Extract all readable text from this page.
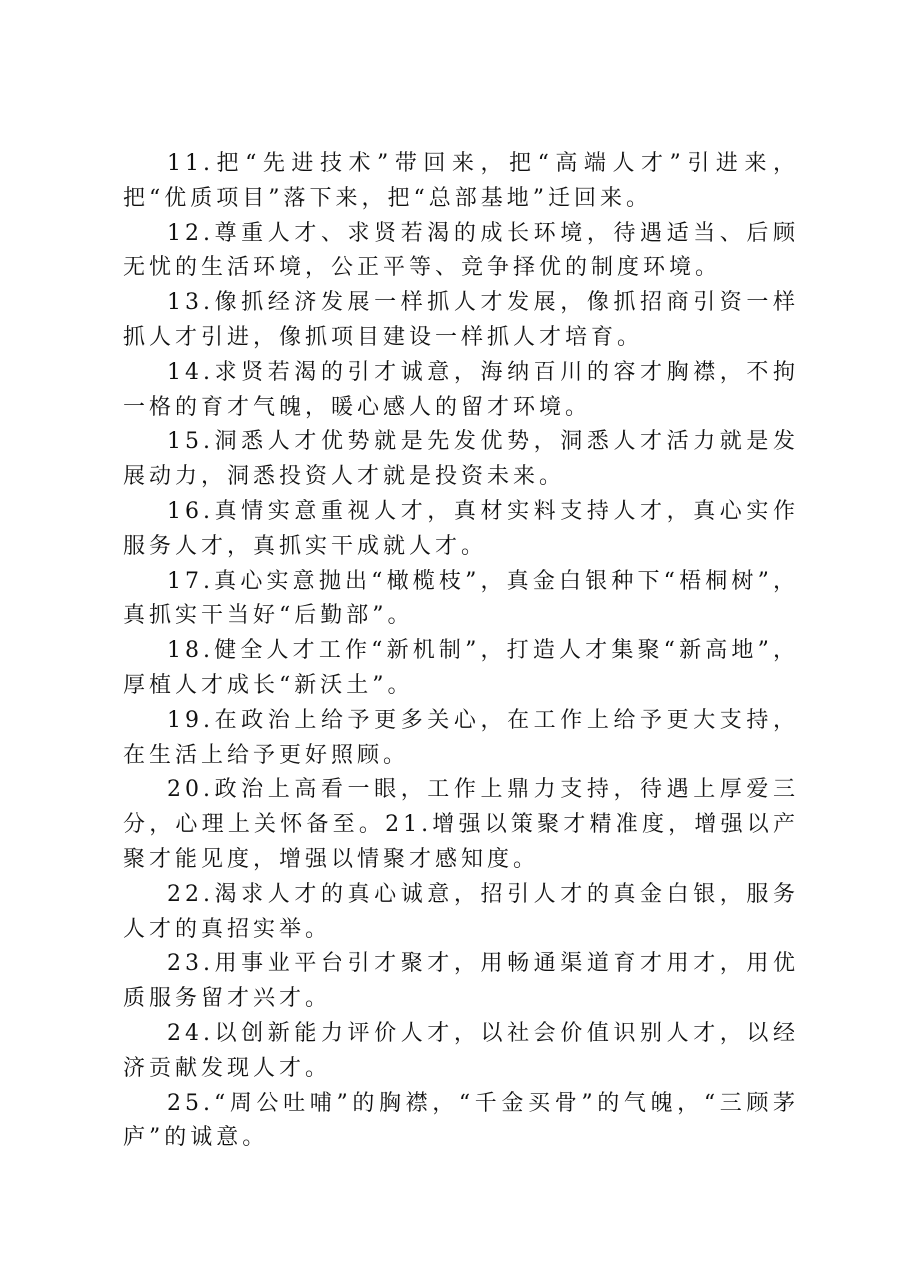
11.把“先进技术”带回来，把“高端人才”引进来，把“优质项目”落下来，把“总部基地”迁回来。

12.尊重人才、求贤若渴的成长环境，待遇适当、后顾无忧的生活环境，公正平等、竞争择优的制度环境。

13.像抓经济发展一样抓人才发展，像抓招商引资一样抓人才引进，像抓项目建设一样抓人才培育。

14.求贤若渴的引才诚意，海纳百川的容才胸襟，不拘一格的育才气魄，暖心感人的留才环境。

15.洞悉人才优势就是先发优势，洞悉人才活力就是发展动力，洞悉投资人才就是投资未来。

16.真情实意重视人才，真材实料支持人才，真心实作服务人才，真抓实干成就人才。

17.真心实意抛出“橄榄枝”，真金白银种下“梧桐树”，真抓实干当好“后勤部”。

18.健全人才工作“新机制”，打造人才集聚“新高地”，厚植人才成长“新沃土”。

19.在政治上给予更多关心，在工作上给予更大支持，在生活上给予更好照顾。

20.政治上高看一眼，工作上鼎力支持，待遇上厚爱三分，心理上关怀备至。21.增强以策聚才精准度，增强以产聚才能见度，增强以情聚才感知度。

22.渴求人才的真心诚意，招引人才的真金白银，服务人才的真招实举。

23.用事业平台引才聚才，用畅通渠道育才用才，用优质服务留才兴才。

24.以创新能力评价人才，以社会价值识别人才，以经济贡献发现人才。

25.“周公吐哺”的胸襟，“千金买骨”的气魄，“三顾茅庐”的诚意。
